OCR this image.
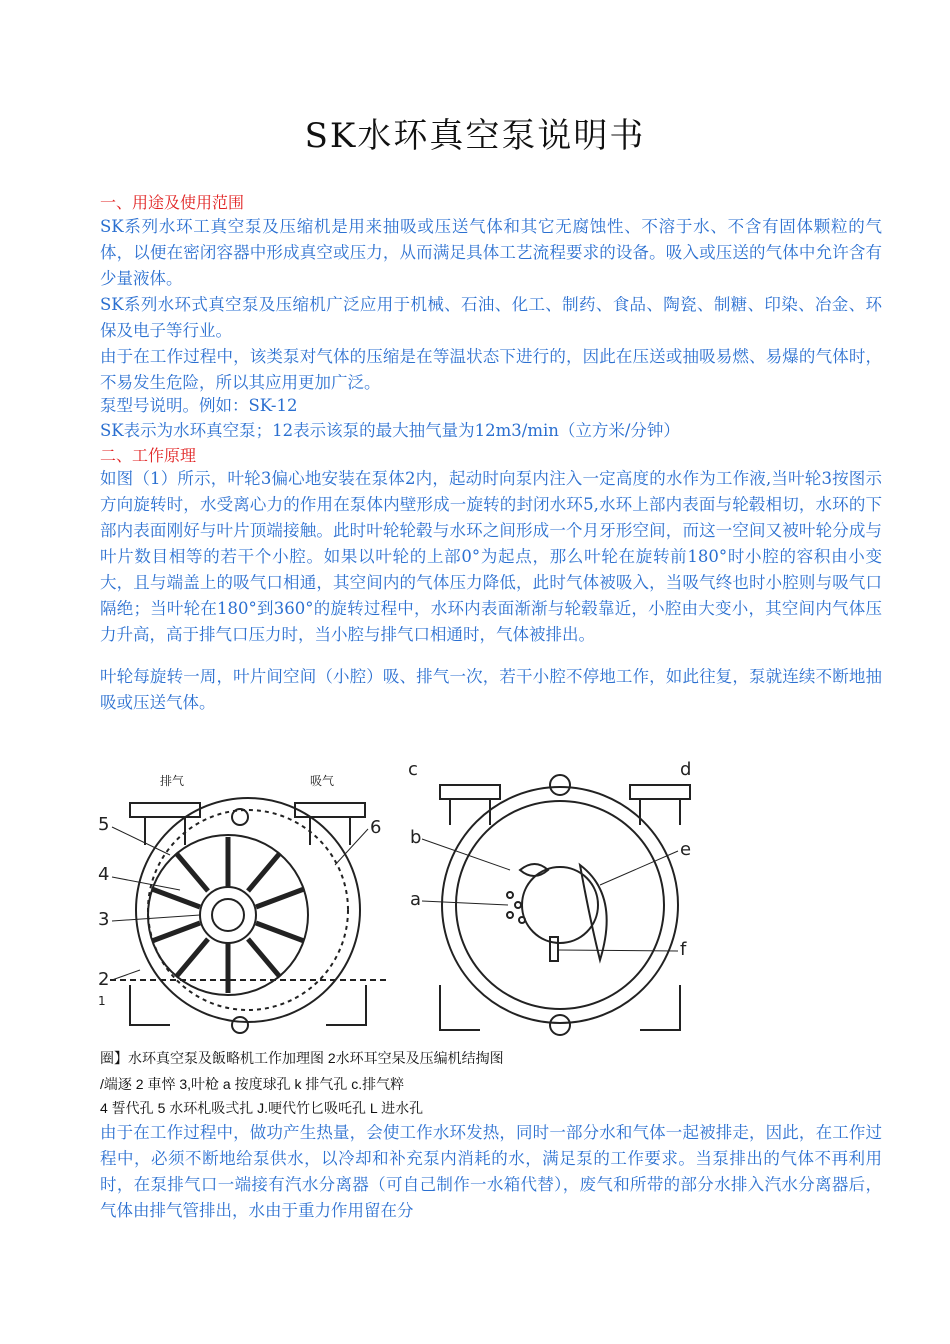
SK水环真空泵说明书
一、用途及使用范围

SK系列水环工真空泵及压缩机是用来抽吸或压送气体和其它无腐蚀性、不溶于水、不含有固体颗粒的气体，以便在密闭容器中形成真空或压力，从而满足具体工艺流程要求的设备。吸入或压送的气体中允许含有少量液体。

SK系列水环式真空泵及压缩机广泛应用于机械、石油、化工、制药、食品、陶瓷、制糖、印染、冶金、环保及电子等行业。

由于在工作过程中，该类泵对气体的压缩是在等温状态下进行的，因此在压送或抽吸易燃、易爆的气体时，不易发生危险，所以其应用更加广泛。

泵型号说明。例如：SK-12

SK表示为水环真空泵；12表示该泵的最大抽气量为12m3/min（立方米/分钟）

二、工作原理

如图（1）所示，叶轮3偏心地安装在泵体2内，起动时向泵内注入一定高度的水作为工作液,当叶轮3按图示方向旋转时，水受离心力的作用在泵体内壁形成一旋转的封闭水环5,水环上部内表面与轮毂相切，水环的下部内表面刚好与叶片顶端接触。此时叶轮轮毂与水环之间形成一个月牙形空间，而这一空间又被叶轮分成与叶片数目相等的若干个小腔。如果以叶轮的上部0°为起点，那么叶轮在旋转前180°时小腔的容积由小变大，且与端盖上的吸气口相通，其空间内的气体压力降低，此时气体被吸入，当吸气终也时小腔则与吸气口隔绝；当叶轮在180°到360°的旋转过程中，水环内表面渐渐与轮毂靠近，小腔由大变小，其空间内气体压力升高，高于排气口压力时，当小腔与排气口相通时，气体被排出。

叶轮每旋转一周，叶片间空间（小腔）吸、排气一次，若干小腔不停地工作，如此往复，泵就连续不断地抽吸或压送气体。

排气	吸气
5	6
4
3
2
1
c	d
b
e
a
f
圈】水环真空泵及飯略机工作加理图 2水环耳空杲及压编机结掏图
/端逐 2 車悴 3,叶枪 a 按度球孔 k 排气孔 c.排气粹
4 誓代孔 5 水环札吸弍扎 J.哽代竹匕吸吒孔 L 进水孔

由于在工作过程中，做功产生热量，会使工作水环发热，同时一部分水和气体一起被排走，因此，在工作过程中，必须不断地给泵供水，以冷却和补充泵内消耗的水，满足泵的工作要求。当泵排出的气体不再利用时，在泵排气口一端接有汽水分离器（可自己制作一水箱代替），废气和所带的部分水排入汽水分离器后，气体由排气管排出，水由于重力作用留在分
